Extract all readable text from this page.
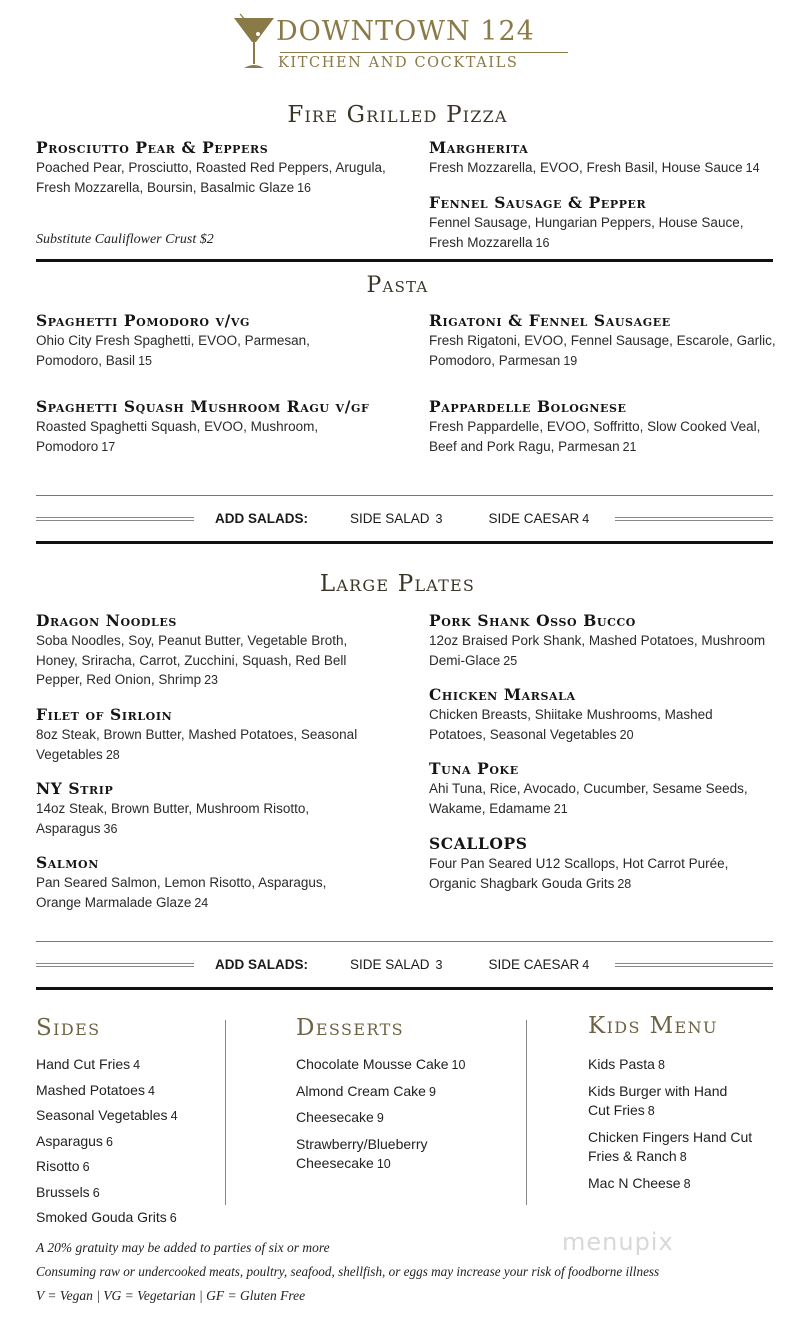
DOWNTOWN 124
KITCHEN AND COCKTAILS
Fire Grilled Pizza
Prosciutto Pear & Peppers
Poached Pear, Prosciutto, Roasted Red Peppers, Arugula, Fresh Mozzarella, Boursin, Basalmic Glaze 16
Margherita
Fresh Mozzarella, EVOO, Fresh Basil, House Sauce 14
Fennel Sausage & Pepper
Fennel Sausage, Hungarian Peppers, House Sauce, Fresh Mozzarella 16
Substitute Cauliflower Crust $2
Pasta
Spaghetti Pomodoro v/vg
Ohio City Fresh Spaghetti, EVOO, Parmesan, Pomodoro, Basil 15
Rigatoni & Fennel Sausagee
Fresh Rigatoni, EVOO, Fennel Sausage, Escarole, Garlic, Pomodoro, Parmesan 19
Spaghetti Squash Mushroom Ragu v/gf
Roasted Spaghetti Squash, EVOO, Mushroom, Pomodoro 17
Pappardelle Bolognese
Fresh Pappardelle, EVOO, Soffritto, Slow Cooked Veal, Beef and Pork Ragu, Parmesan 21
ADD SALADS:	SIDE SALAD 3	SIDE CAESAR 4
Large Plates
Dragon Noodles
Soba Noodles, Soy, Peanut Butter, Vegetable Broth, Honey, Sriracha, Carrot, Zucchini, Squash, Red Bell Pepper, Red Onion, Shrimp 23
Filet of Sirloin
8oz Steak, Brown Butter, Mashed Potatoes, Seasonal Vegetables 28
NY Strip
14oz Steak, Brown Butter, Mushroom Risotto, Asparagus 36
Salmon
Pan Seared Salmon, Lemon Risotto, Asparagus, Orange Marmalade Glaze 24
Pork Shank Osso Bucco
12oz Braised Pork Shank, Mashed Potatoes, Mushroom Demi-Glace 25
Chicken Marsala
Chicken Breasts, Shiitake Mushrooms, Mashed Potatoes, Seasonal Vegetables 20
Tuna Poke
Ahi Tuna, Rice, Avocado, Cucumber, Sesame Seeds, Wakame, Edamame 21
SCALLOPS
Four Pan Seared U12 Scallops, Hot Carrot Purée, Organic Shagbark Gouda Grits 28
ADD SALADS:	SIDE SALAD 3	SIDE CAESAR 4
Sides	Desserts	Kids Menu
Hand Cut Fries 4
Mashed Potatoes 4
Seasonal Vegetables 4
Asparagus 6
Risotto 6
Brussels 6
Smoked Gouda Grits 6
Chocolate Mousse Cake 10
Almond Cream Cake 9
Cheesecake 9
Strawberry/Blueberry Cheesecake 10
Kids Pasta 8
Kids Burger with Hand Cut Fries 8
Chicken Fingers Hand Cut Fries & Ranch 8
Mac N Cheese 8
A 20% gratuity may be added to parties of six or more
Consuming raw or undercooked meats, poultry, seafood, shellfish, or eggs may increase your risk of foodborne illness
V = Vegan | VG = Vegetarian | GF = Gluten Free
menupix
